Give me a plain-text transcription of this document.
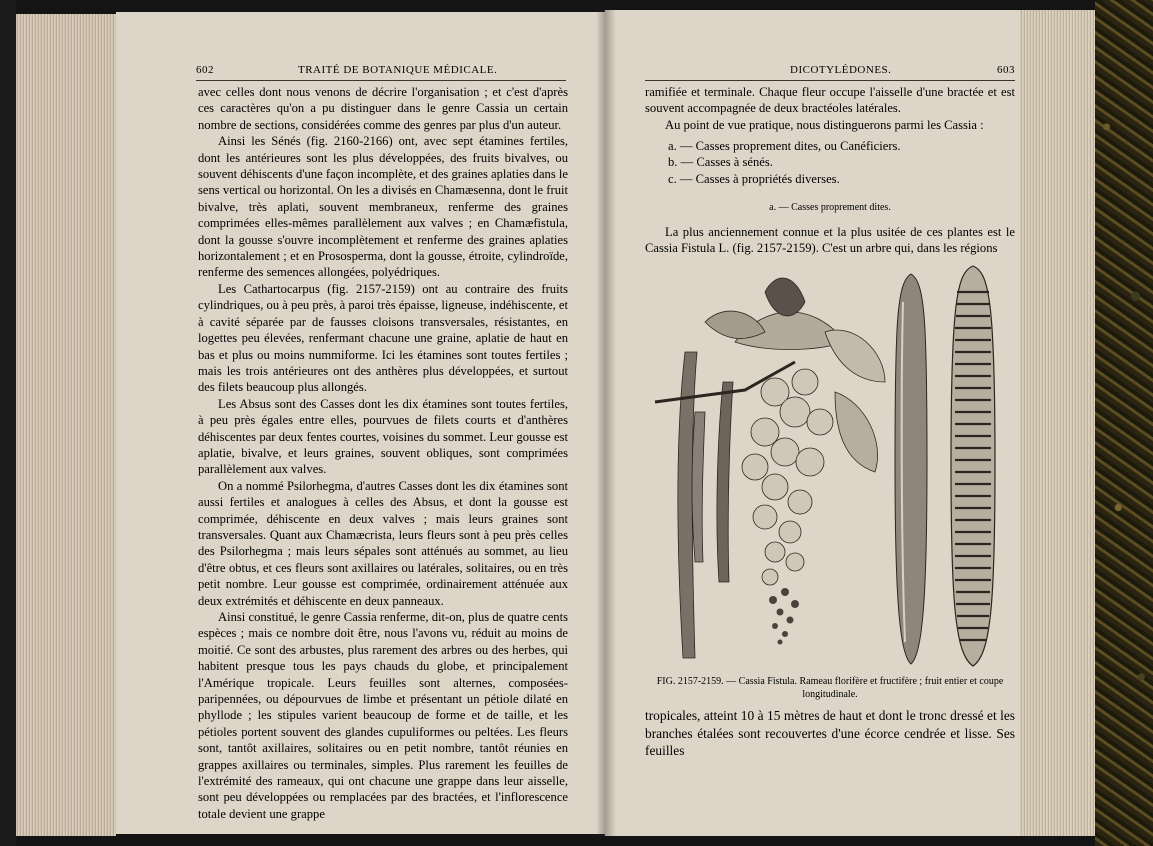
602	TRAITÉ DE BOTANIQUE MÉDICALE.

avec celles dont nous venons de décrire l'organisation ; et c'est d'après ces caractères qu'on a pu distinguer dans le genre Cassia un certain nombre de sections, considérées comme des genres par plus d'un auteur.

Ainsi les Sénés (fig. 2160-2166) ont, avec sept étamines fertiles, dont les antérieures sont les plus développées, des fruits bivalves, ou souvent déhiscents d'une façon incomplète, et des graines aplaties dans le sens vertical ou horizontal. On les a divisés en Chamæsenna, dont le fruit bivalve, très aplati, souvent membraneux, renferme des graines comprimées elles-mêmes parallèlement aux valves ; en Chamæfistula, dont la gousse s'ouvre incomplètement et renferme des graines aplaties horizontalement ; et en Prososperma, dont la gousse, étroite, cylindroïde, renferme des semences allongées, polyédriques.

Les Cathartocarpus (fig. 2157-2159) ont au contraire des fruits cylindriques, ou à peu près, à paroi très épaisse, ligneuse, indéhiscente, et à cavité séparée par de fausses cloisons transversales, résistantes, en logettes peu élevées, renfermant chacune une graine, aplatie de haut en bas et plus ou moins nummiforme. Ici les étamines sont toutes fertiles ; mais les trois antérieures ont des anthères plus développées, et surtout des filets beaucoup plus allongés.

Les Absus sont des Casses dont les dix étamines sont toutes fertiles, à peu près égales entre elles, pourvues de filets courts et d'anthères déhiscentes par deux fentes courtes, voisines du sommet. Leur gousse est aplatie, bivalve, et leurs graines, souvent obliques, sont comprimées parallèlement aux valves.

On a nommé Psilorhegma, d'autres Casses dont les dix étamines sont aussi fertiles et analogues à celles des Absus, et dont la gousse est comprimée, déhiscente en deux valves ; mais leurs graines sont transversales. Quant aux Chamæcrista, leurs fleurs sont à peu près celles des Psilorhegma ; mais leurs sépales sont atténués au sommet, au lieu d'être obtus, et ces fleurs sont axillaires ou latérales, solitaires, ou en très petit nombre. Leur gousse est comprimée, ordinairement atténuée aux deux extrémités et déhiscente en deux panneaux.

Ainsi constitué, le genre Cassia renferme, dit-on, plus de quatre cents espèces ; mais ce nombre doit être, nous l'avons vu, réduit au moins de moitié. Ce sont des arbustes, plus rarement des arbres ou des herbes, qui habitent presque tous les pays chauds du globe, et principalement l'Amérique tropicale. Leurs feuilles sont alternes, composées-paripennées, ou dépourvues de limbe et présentant un pétiole dilaté en phyllode ; les stipules varient beaucoup de forme et de taille, et les pétioles portent souvent des glandes cupuliformes ou peltées. Les fleurs sont, tantôt axillaires, solitaires ou en petit nombre, tantôt réunies en grappes axillaires ou terminales, simples. Plus rarement les feuilles de l'extrémité des rameaux, qui ont chacune une grappe dans leur aisselle, sont peu développées ou remplacées par des bractées, et l'inflorescence totale devient une grappe

DICOTYLÉDONES.	603

ramifiée et terminale. Chaque fleur occupe l'aisselle d'une bractée et est souvent accompagnée de deux bractéoles latérales.

Au point de vue pratique, nous distinguerons parmi les Cassia :

a. — Casses proprement dites, ou Canéficiers.
b. — Casses à sénés.
c. — Casses à propriétés diverses.
a. — Casses proprement dites.

La plus anciennement connue et la plus usitée de ces plantes est le Cassia Fistula L. (fig. 2157-2159). C'est un arbre qui, dans les régions

FIG. 2157-2159. — Cassia Fistula. Rameau florifère et fructifère ; fruit entier et coupe
longitudinale.

tropicales, atteint 10 à 15 mètres de haut et dont le tronc dressé et les branches étalées sont recouvertes d'une écorce cendrée et lisse. Ses feuilles
